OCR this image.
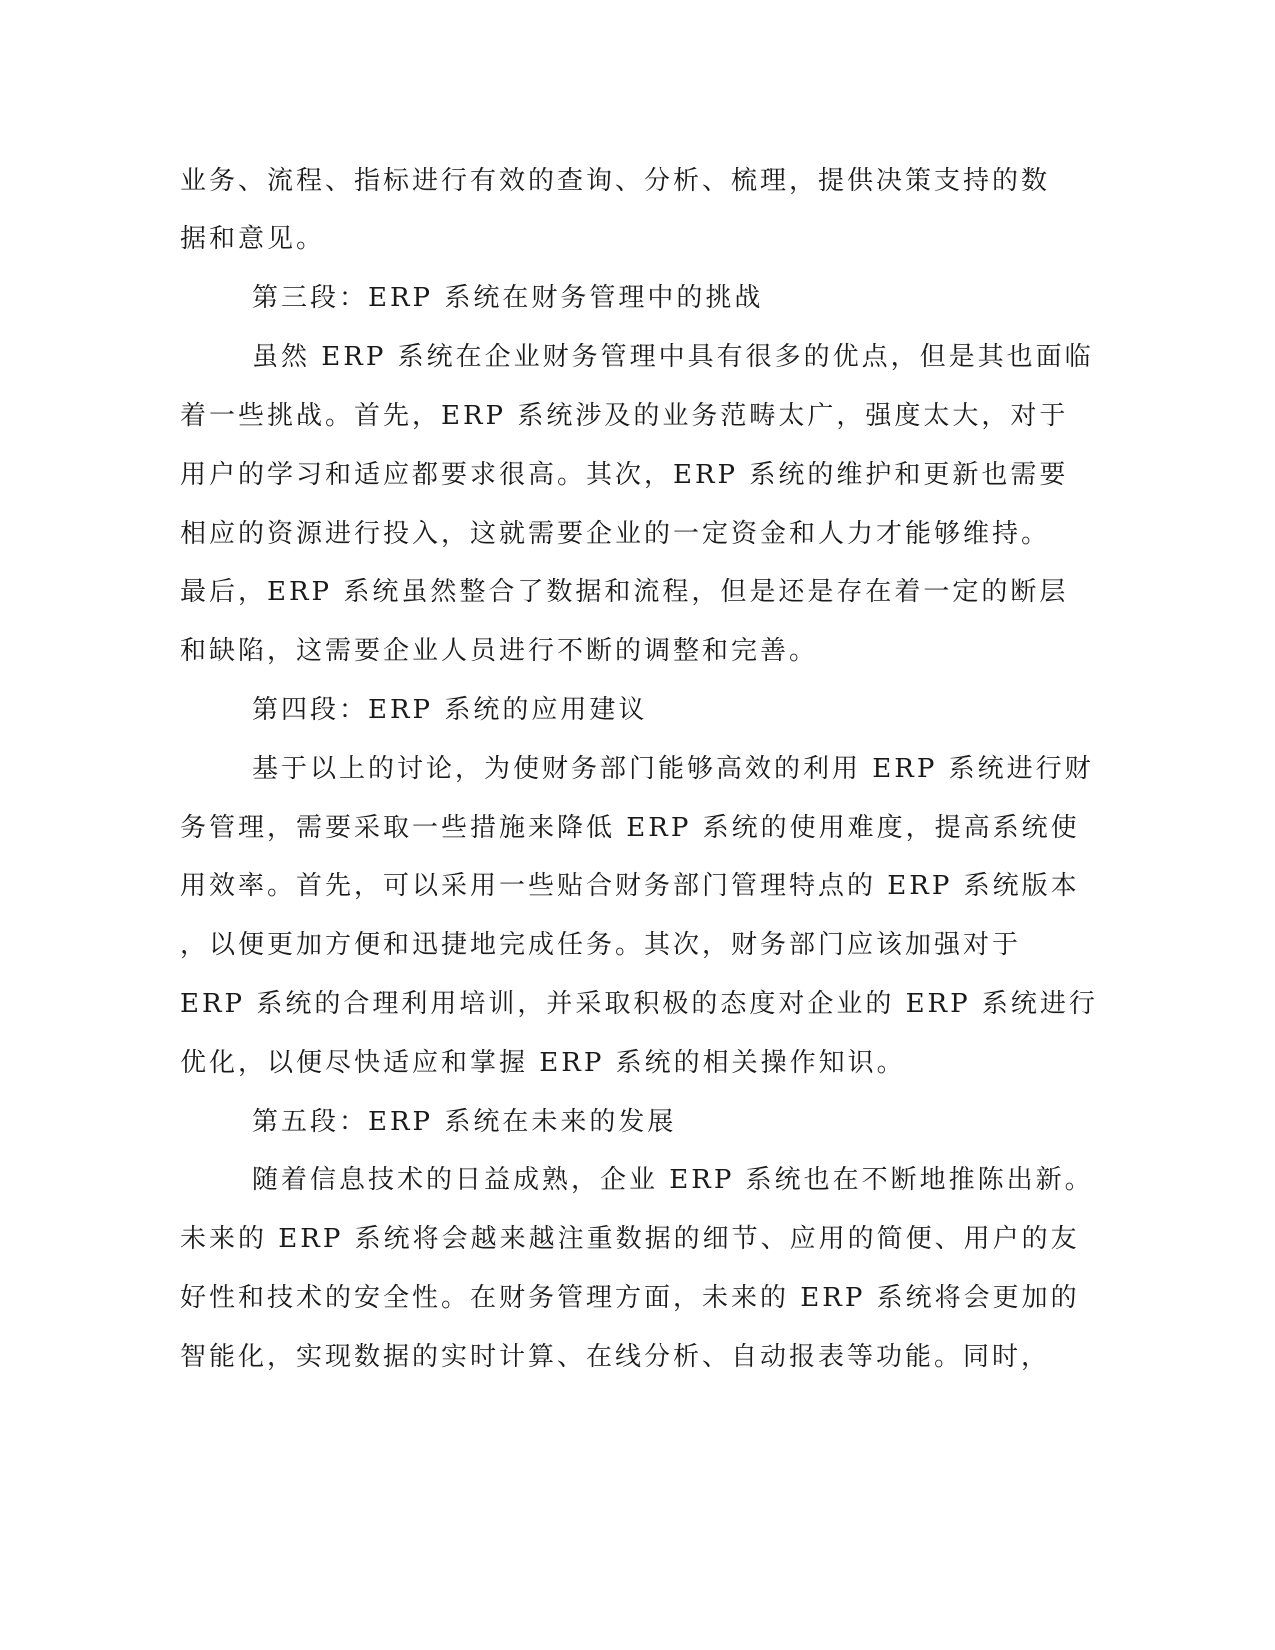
业务、流程、指标进行有效的查询、分析、梳理，提供决策支持的数
据和意见。
第三段：ERP 系统在财务管理中的挑战
虽然 ERP 系统在企业财务管理中具有很多的优点，但是其也面临
着一些挑战。首先，ERP 系统涉及的业务范畴太广，强度太大，对于
用户的学习和适应都要求很高。其次，ERP 系统的维护和更新也需要
相应的资源进行投入，这就需要企业的一定资金和人力才能够维持。
最后，ERP 系统虽然整合了数据和流程，但是还是存在着一定的断层
和缺陷，这需要企业人员进行不断的调整和完善。
第四段：ERP 系统的应用建议
基于以上的讨论，为使财务部门能够高效的利用 ERP 系统进行财
务管理，需要采取一些措施来降低 ERP 系统的使用难度，提高系统使
用效率。首先，可以采用一些贴合财务部门管理特点的 ERP 系统版本
，以便更加方便和迅捷地完成任务。其次，财务部门应该加强对于
ERP 系统的合理利用培训，并采取积极的态度对企业的 ERP 系统进行
优化，以便尽快适应和掌握 ERP 系统的相关操作知识。
第五段：ERP 系统在未来的发展
随着信息技术的日益成熟，企业 ERP 系统也在不断地推陈出新。
未来的 ERP 系统将会越来越注重数据的细节、应用的简便、用户的友
好性和技术的安全性。在财务管理方面，未来的 ERP 系统将会更加的
智能化，实现数据的实时计算、在线分析、自动报表等功能。同时，
